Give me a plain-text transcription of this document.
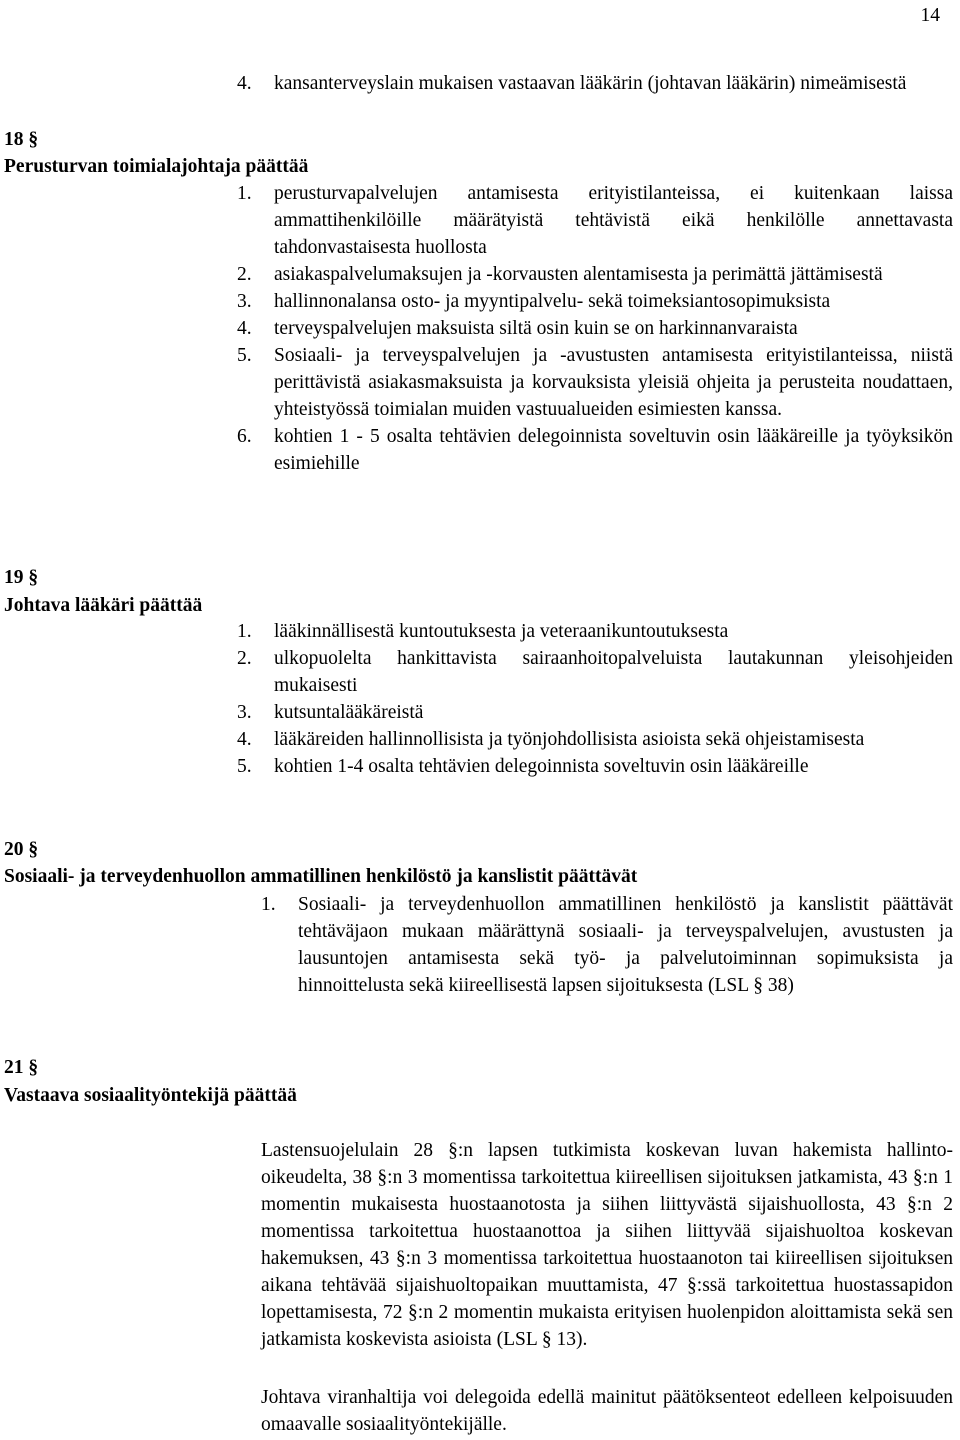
14
4. kansanterveyslain mukaisen vastaavan lääkärin (johtavan lääkärin) nimeämisestä
18 §
Perusturvan toimialajohtaja päättää
1. perusturvapalvelujen antamisesta erityistilanteissa, ei kuitenkaan laissa ammattihenkilöille määrätyistä tehtävistä eikä henkilölle annettavasta tahdonvastaisesta huollosta
2. asiakaspalvelumaksujen ja -korvausten alentamisesta ja perimättä jättämisestä
3. hallinnonalansa osto- ja myyntipalvelu- sekä toimeksiantosopimuksista
4. terveyspalvelujen maksuista siltä osin kuin se on harkinnanvaraista
5. Sosiaali- ja terveyspalvelujen ja -avustusten antamisesta erityistilanteissa, niistä perittävistä asiakasmaksuista ja korvauksista yleisiä ohjeita ja perusteita noudattaen, yhteistyössä toimialan muiden vastuualueiden esimiesten kanssa.
6. kohtien 1 - 5 osalta tehtävien delegoinnista soveltuvin osin lääkäreille ja työyksikön esimiehille
19 §
Johtava lääkäri päättää
1. lääkinnällisestä kuntoutuksesta ja veteraanikuntoutuksesta
2. ulkopuolelta hankittavista sairaanhoitopalveluista lautakunnan yleisohjeiden mukaisesti
3. kutsuntalääkäreistä
4. lääkäreiden hallinnollisista ja työnjohdollisista asioista sekä ohjeistamisesta
5. kohtien 1-4 osalta tehtävien delegoinnista soveltuvin osin lääkäreille
20 §
Sosiaali- ja terveydenhuollon ammatillinen henkilöstö ja kanslistit päättävät
1. Sosiaali- ja terveydenhuollon ammatillinen henkilöstö ja kanslistit päättävät tehtäväjaon mukaan määrättynä sosiaali- ja terveyspalvelujen, avustusten ja lausuntojen antamisesta sekä työ- ja palvelutoiminnan sopimuksista ja hinnoittelusta sekä kiireellisestä lapsen sijoituksesta (LSL § 38)
21 §
Vastaava sosiaalityöntekijä päättää
Lastensuojelulain 28 §:n lapsen tutkimista koskevan luvan hakemista hallinto-oikeudelta, 38 §:n 3 momentissa tarkoitettua kiireellisen sijoituksen jatkamista, 43 §:n 1 momentin mukaisesta huostaanotosta ja siihen liittyvästä sijaishuollosta, 43 §:n 2 momentissa tarkoitettua huostaanottoa ja siihen liittyvää sijaishuoltoa koskevan hakemuksen, 43 §:n 3 momentissa tarkoitettua huostaanoton tai kiireellisen sijoituksen aikana tehtävää sijaishuoltopaikan muuttamista, 47 §:ssä tarkoitettua huostassapidon lopettamisesta, 72 §:n 2 momentin mukaista erityisen huolenpidon aloittamista sekä sen jatkamista koskevista asioista (LSL § 13).
Johtava viranhaltija voi delegoida edellä mainitut päätöksenteot edelleen kelpoisuuden omaavalle sosiaalityöntekijälle.
